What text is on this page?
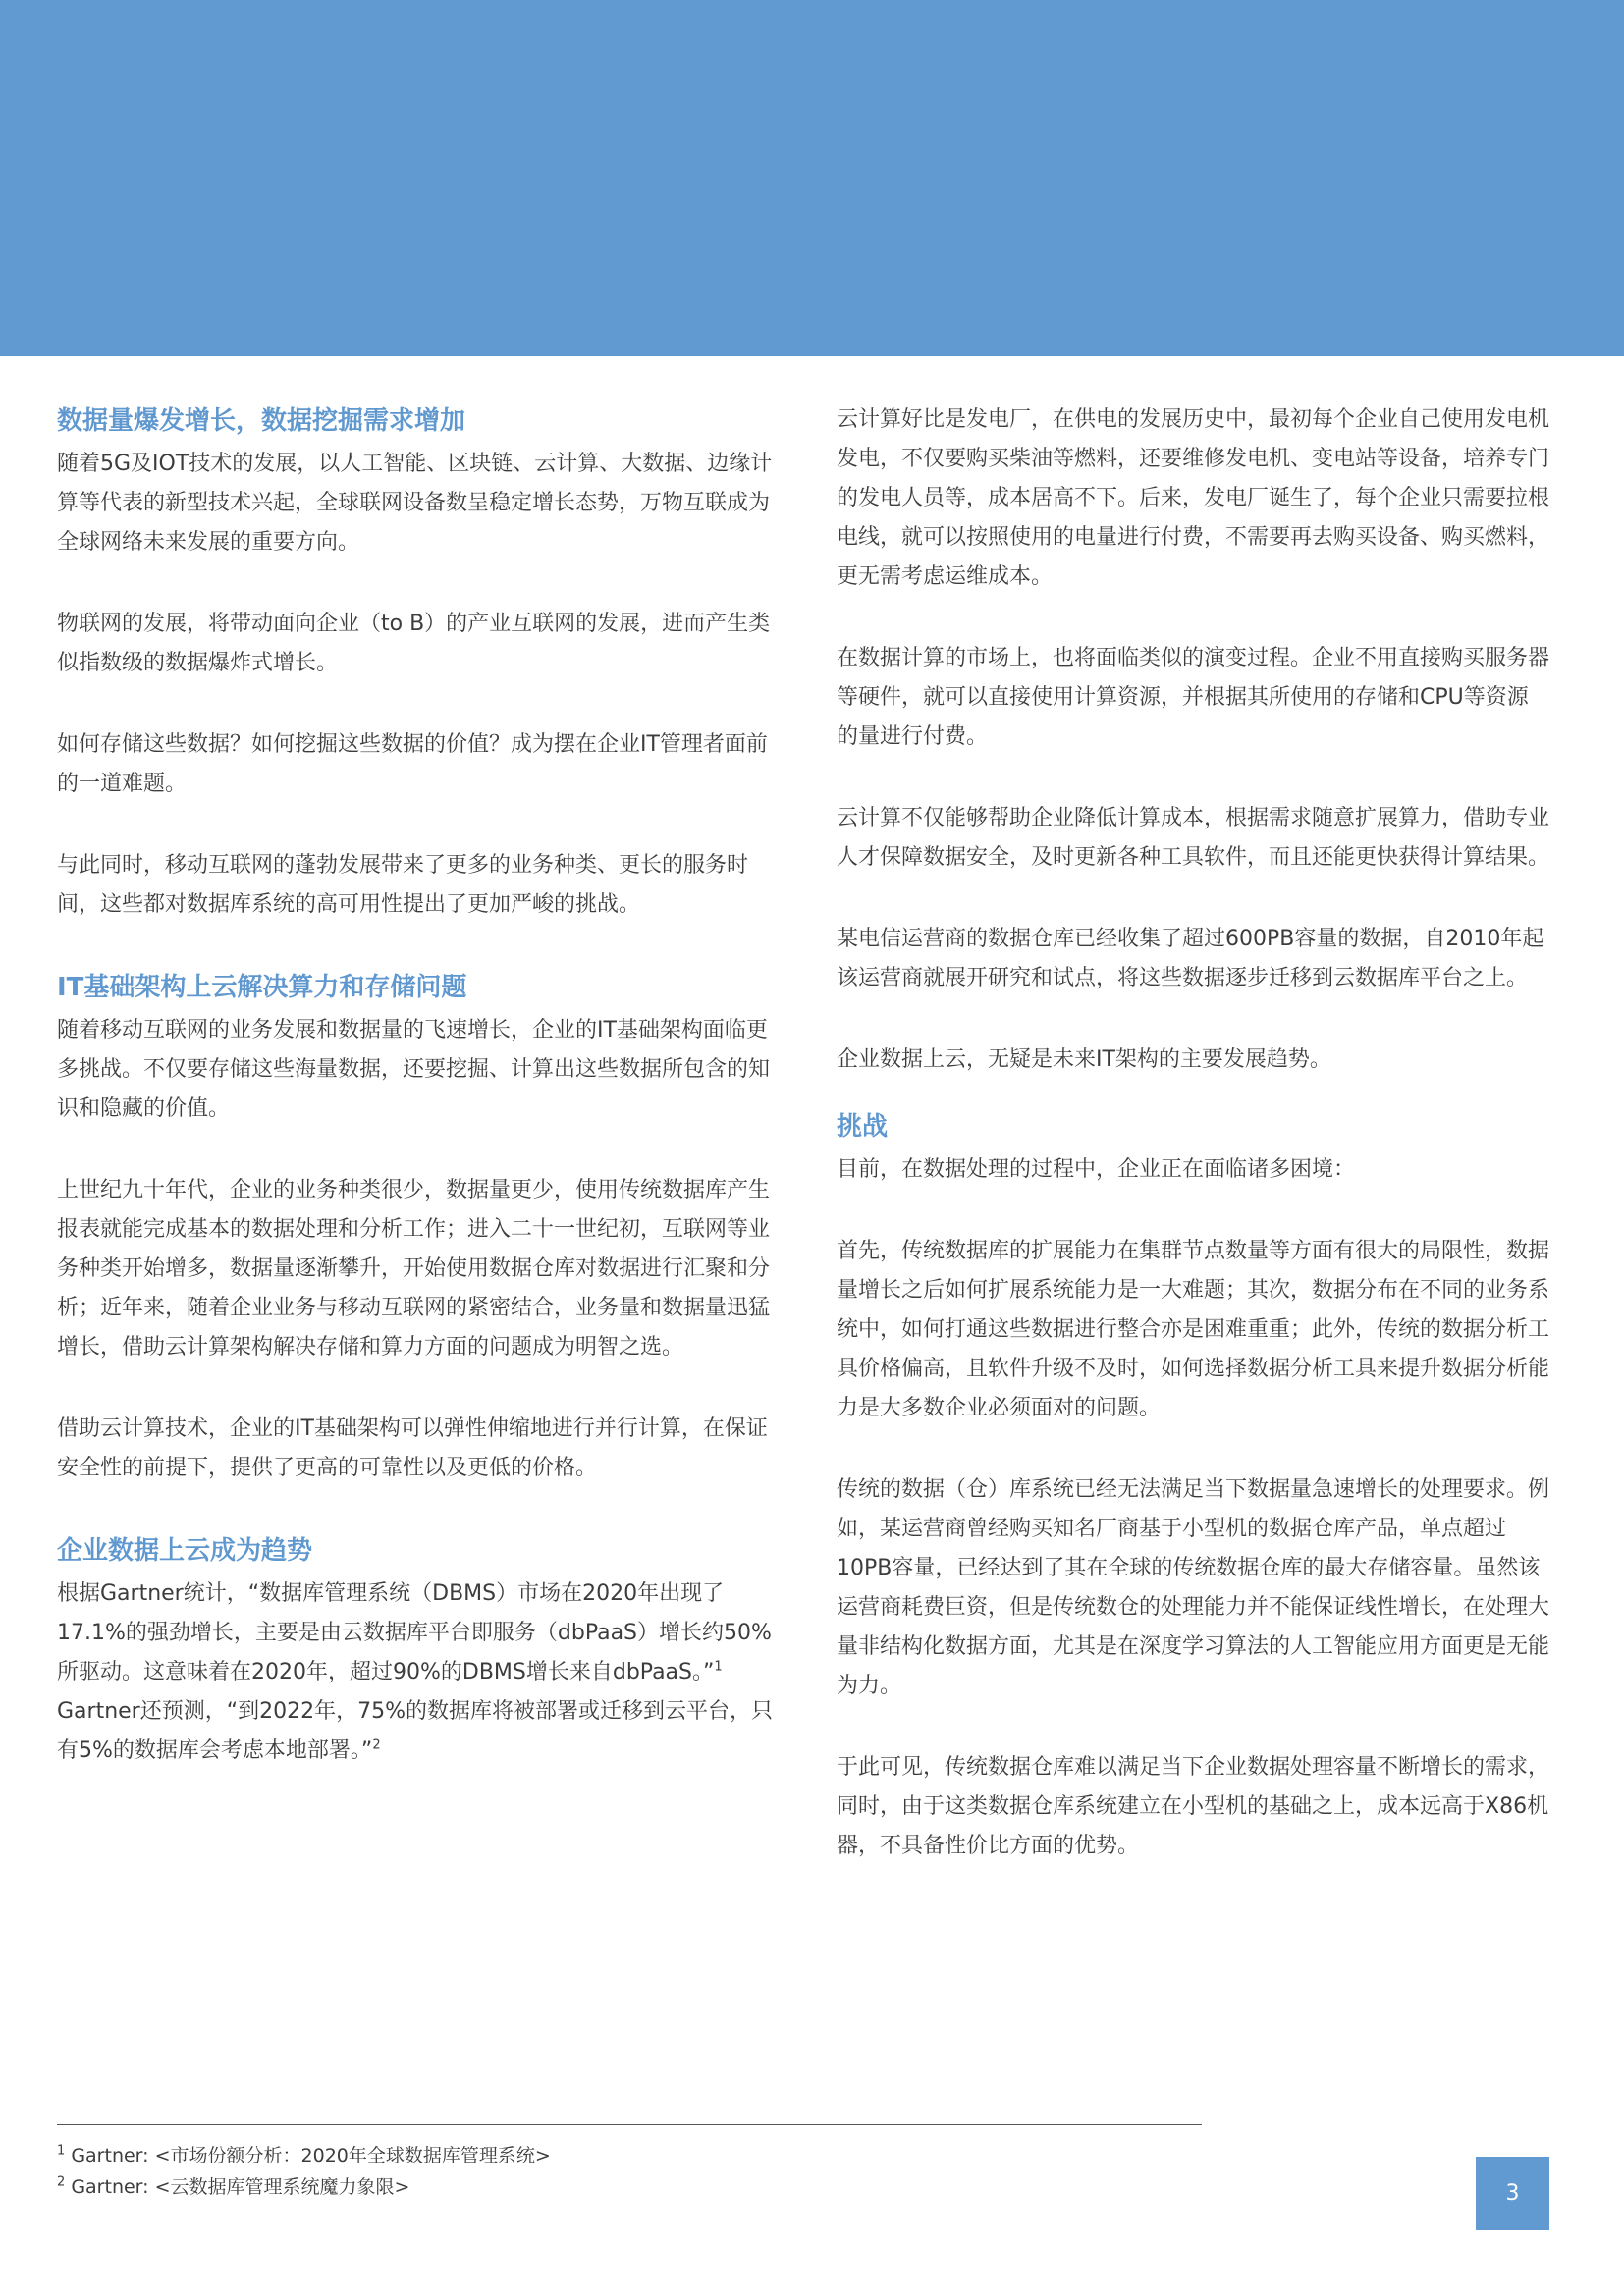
数据量爆发增长，数据挖掘需求增加

随着5G及IOT技术的发展，以人工智能、区块链、云计算、大数据、边缘计算等代表的新型技术兴起，全球联网设备数呈稳定增长态势，万物互联成为全球网络未来发展的重要方向。

物联网的发展，将带动面向企业（to B）的产业互联网的发展，进而产生类似指数级的数据爆炸式增长。

如何存储这些数据？如何挖掘这些数据的价值？成为摆在企业IT管理者面前的一道难题。

与此同时，移动互联网的蓬勃发展带来了更多的业务种类、更长的服务时间，这些都对数据库系统的高可用性提出了更加严峻的挑战。

IT基础架构上云解决算力和存储问题

随着移动互联网的业务发展和数据量的飞速增长，企业的IT基础架构面临更多挑战。不仅要存储这些海量数据，还要挖掘、计算出这些数据所包含的知识和隐藏的价值。

上世纪九十年代，企业的业务种类很少，数据量更少，使用传统数据库产生报表就能完成基本的数据处理和分析工作；进入二十一世纪初，互联网等业务种类开始增多，数据量逐渐攀升，开始使用数据仓库对数据进行汇聚和分析；近年来，随着企业业务与移动互联网的紧密结合，业务量和数据量迅猛增长，借助云计算架构解决存储和算力方面的问题成为明智之选。

借助云计算技术，企业的IT基础架构可以弹性伸缩地进行并行计算，在保证安全性的前提下，提供了更高的可靠性以及更低的价格。

企业数据上云成为趋势

根据Gartner统计，“数据库管理系统（DBMS）市场在2020年出现了17.1%的强劲增长，主要是由云数据库平台即服务（dbPaaS）增长约50%所驱动。这意味着在2020年，超过90%的DBMS增长来自dbPaaS。”$^1$ Gartner还预测，“到2022年，75%的数据库将被部署或迁移到云平台，只有5%的数据库会考虑本地部署。”$^2$

云计算好比是发电厂，在供电的发展历史中，最初每个企业自己使用发电机发电，不仅要购买柴油等燃料，还要维修发电机、变电站等设备，培养专门的发电人员等，成本居高不下。后来，发电厂诞生了，每个企业只需要拉根电线，就可以按照使用的电量进行付费，不需要再去购买设备、购买燃料，更无需考虑运维成本。

在数据计算的市场上，也将面临类似的演变过程。企业不用直接购买服务器等硬件，就可以直接使用计算资源，并根据其所使用的存储和CPU等资源的量进行付费。

云计算不仅能够帮助企业降低计算成本，根据需求随意扩展算力，借助专业人才保障数据安全，及时更新各种工具软件，而且还能更快获得计算结果。

某电信运营商的数据仓库已经收集了超过600PB容量的数据，自2010年起该运营商就展开研究和试点，将这些数据逐步迁移到云数据库平台之上。

企业数据上云，无疑是未来IT架构的主要发展趋势。

挑战

目前，在数据处理的过程中，企业正在面临诸多困境：

首先，传统数据库的扩展能力在集群节点数量等方面有很大的局限性，数据量增长之后如何扩展系统能力是一大难题；其次，数据分布在不同的业务系统中，如何打通这些数据进行整合亦是困难重重；此外，传统的数据分析工具价格偏高，且软件升级不及时，如何选择数据分析工具来提升数据分析能力是大多数企业必须面对的问题。

传统的数据（仓）库系统已经无法满足当下数据量急速增长的处理要求。例如，某运营商曾经购买知名厂商基于小型机的数据仓库产品，单点超过10PB容量，已经达到了其在全球的传统数据仓库的最大存储容量。虽然该运营商耗费巨资，但是传统数仓的处理能力并不能保证线性增长，在处理大量非结构化数据方面，尤其是在深度学习算法的人工智能应用方面更是无能为力。

于此可见，传统数据仓库难以满足当下企业数据处理容量不断增长的需求，同时，由于这类数据仓库系统建立在小型机的基础之上，成本远高于X86机器，不具备性价比方面的优势。

$^1$ Gartner: <市场份额分析：2020年全球数据库管理系统>
$^2$ Gartner: <云数据库管理系统魔力象限>	3
